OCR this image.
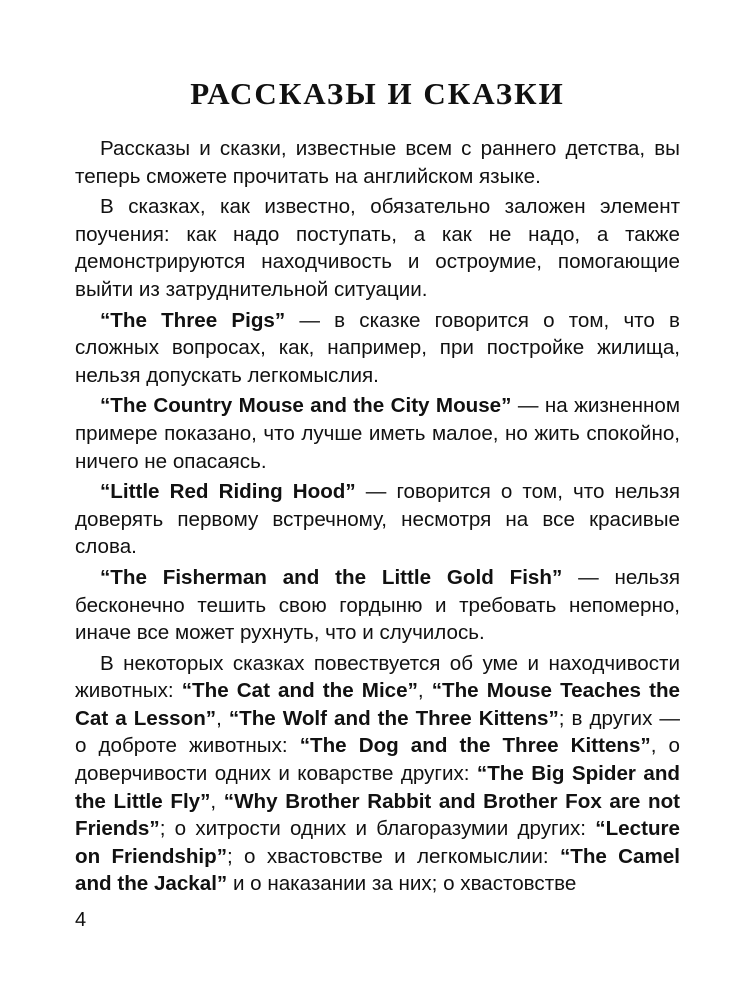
РАССКАЗЫ И СКАЗКИ

Рассказы и сказки, известные всем с раннего детства, вы теперь сможете прочитать на английском языке.

В сказках, как известно, обязательно заложен элемент поучения: как надо поступать, а как не надо, а также демонстрируются находчивость и остроумие, помогающие выйти из затруднительной ситуации.

“The Three Pigs” — в сказке говорится о том, что в сложных вопросах, как, например, при постройке жилища, нельзя допускать легкомыслия.

“The Country Mouse and the City Mouse” — на жизненном примере показано, что лучше иметь малое, но жить спокойно, ничего не опасаясь.

“Little Red Riding Hood” — говорится о том, что нельзя доверять первому встречному, несмотря на все красивые слова.

“The Fisherman and the Little Gold Fish” — нельзя бесконечно тешить свою гордыню и требовать непомерно, иначе все может рухнуть, что и случилось.

В некоторых сказках повествуется об уме и находчивости животных: “The Cat and the Mice”, “The Mouse Teaches the Cat a Lesson”, “The Wolf and the Three Kittens”; в других — о доброте животных: “The Dog and the Three Kittens”, о доверчивости одних и коварстве других: “The Big Spider and the Little Fly”, “Why Brother Rabbit and Brother Fox are not Friends”; о хитрости одних и благоразумии других: “Lecture on Friendship”; о хвастовстве и легкомыслии: “The Camel and the Jackal” и о наказании за них; о хвастовстве

4
